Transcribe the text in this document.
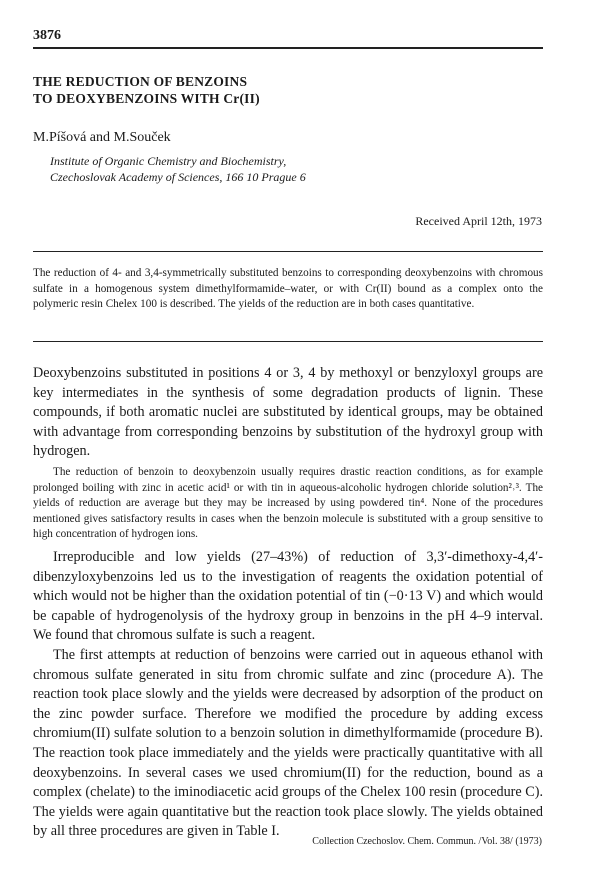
3876
THE REDUCTION OF BENZOINS
TO DEOXYBENZOINS WITH Cr(II)
M.Píšová and M.Souček
Institute of Organic Chemistry and Biochemistry,
Czechoslovak Academy of Sciences, 166 10 Prague 6
Received April 12th, 1973
The reduction of 4- and 3,4-symmetrically substituted benzoins to corresponding deoxybenzoins with chromous sulfate in a homogenous system dimethylformamide–water, or with Cr(II) bound as a complex onto the polymeric resin Chelex 100 is described. The yields of the reduction are in both cases quantitative.
Deoxybenzoins substituted in positions 4 or 3, 4 by methoxyl or benzyloxyl groups are key intermediates in the synthesis of some degradation products of lignin. These compounds, if both aromatic nuclei are substituted by identical groups, may be obtained with advantage from corresponding benzoins by substitution of the hydroxyl group with hydrogen.
The reduction of benzoin to deoxybenzoin usually requires drastic reaction conditions, as for example prolonged boiling with zinc in acetic acid¹ or with tin in aqueous-alcoholic hydrogen chloride solution²˒³. The yields of reduction are average but they may be increased by using powdered tin⁴. None of the procedures mentioned gives satisfactory results in cases when the benzoin molecule is substituted with a group sensitive to high concentration of hydrogen ions.
Irreproducible and low yields (27–43%) of reduction of 3,3′-dimethoxy-4,4′-dibenzyloxybenzoins led us to the investigation of reagents the oxidation potential of which would not be higher than the oxidation potential of tin (−0·13 V) and which would be capable of hydrogenolysis of the hydroxy group in benzoins in the pH 4–9 interval. We found that chromous sulfate is such a reagent.
The first attempts at reduction of benzoins were carried out in aqueous ethanol with chromous sulfate generated in situ from chromic sulfate and zinc (procedure A). The reaction took place slowly and the yields were decreased by adsorption of the product on the zinc powder surface. Therefore we modified the procedure by adding excess chromium(II) sulfate solution to a benzoin solution in dimethylformamide (procedure B). The reaction took place immediately and the yields were practically quantitative with all deoxybenzoins. In several cases we used chromium(II) for the reduction, bound as a complex (chelate) to the iminodiacetic acid groups of the Chelex 100 resin (procedure C). The yields were again quantitative but the reaction took place slowly. The yields obtained by all three procedures are given in Table I.
Collection Czechoslov. Chem. Commun. /Vol. 38/ (1973)
